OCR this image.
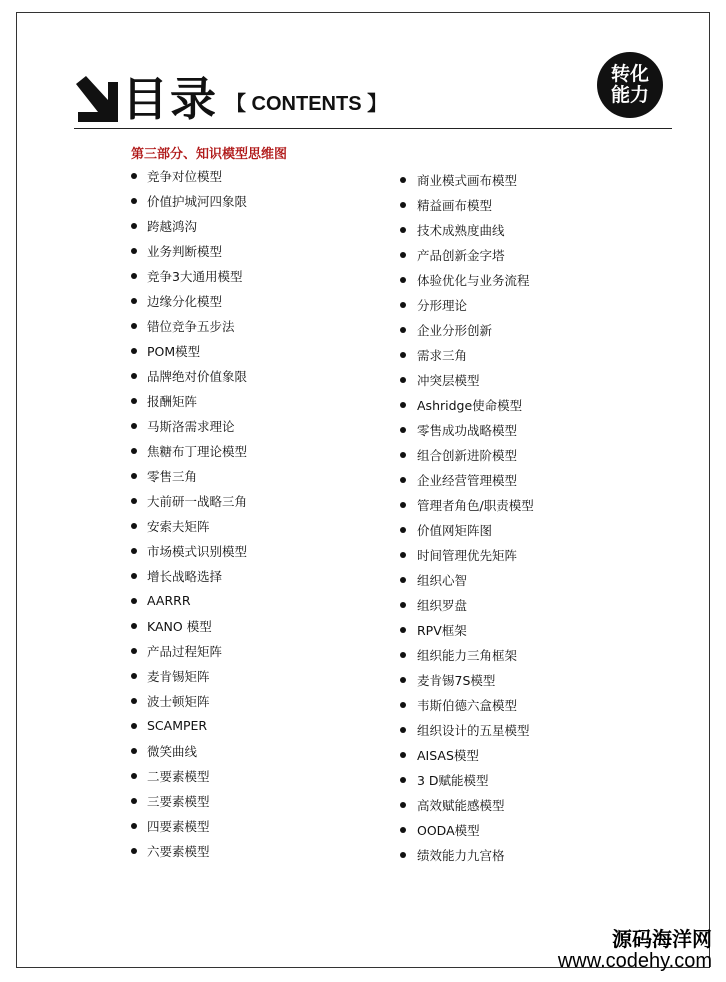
目录 【 CONTENTS 】
转化
能力
第三部分、知识模型思维图
竞争对位模型
价值护城河四象限
跨越鸿沟
业务判断模型
竞争3大通用模型
边缘分化模型
错位竞争五步法
POM模型
品牌绝对价值象限
报酬矩阵
马斯洛需求理论
焦糖布丁理论模型
零售三角
大前研一战略三角
安索夫矩阵
市场模式识别模型
增长战略选择
AARRR
KANO 模型
产品过程矩阵
麦肯锡矩阵
波士顿矩阵
SCAMPER
微笑曲线
二要素模型
三要素模型
四要素模型
六要素模型
商业模式画布模型
精益画布模型
技术成熟度曲线
产品创新金字塔
体验优化与业务流程
分形理论
企业分形创新
需求三角
冲突层模型
Ashridge使命模型
零售成功战略模型
组合创新进阶模型
企业经营管理模型
管理者角色/职责模型
价值网矩阵图
时间管理优先矩阵
组织心智
组织罗盘
RPV框架
组织能力三角框架
麦肯锡7S模型
韦斯伯德六盒模型
组织设计的五星模型
AISAS模型
3 D赋能模型
高效赋能感模型
OODA模型
绩效能力九宫格
源码海洋网
www.codehy.com
